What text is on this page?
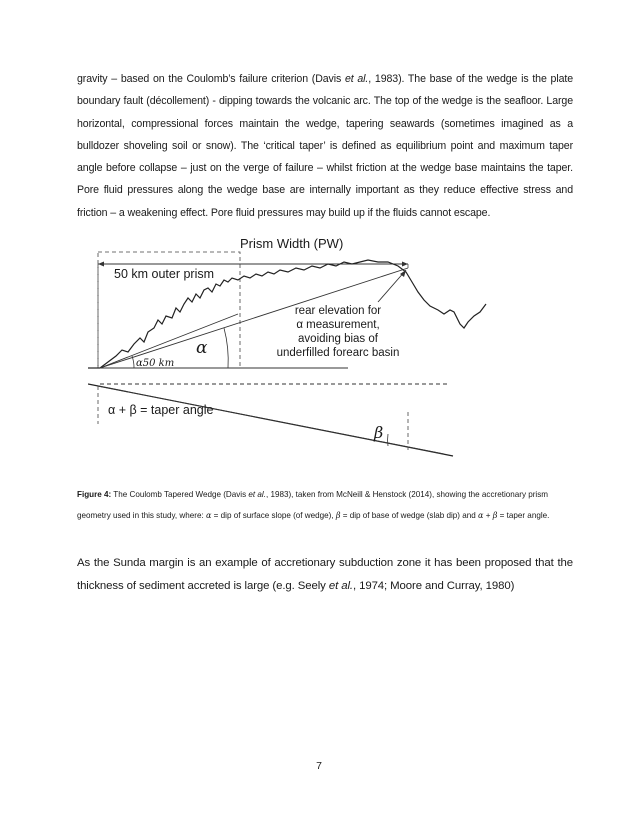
gravity – based on the Coulomb’s failure criterion (Davis et al., 1983). The base of the wedge is the plate boundary fault (décollement) - dipping towards the volcanic arc. The top of the wedge is the seafloor. Large horizontal, compressional forces maintain the wedge, tapering seawards (sometimes imagined as a bulldozer shoveling soil or snow). The ‘critical taper’ is defined as equilibrium point and maximum taper angle before collapse – just on the verge of failure – whilst friction at the wedge base maintains the taper. Pore fluid pressures along the wedge base are internally important as they reduce effective stress and friction – a weakening effect. Pore fluid pressures may build up if the fluids cannot escape.

Prism Width (PW)
50 km outer prism
α
α50 km
rear elevation for
α measurement,
avoiding bias of
underfilled forearc basin
α + β = taper angle
β

Figure 4: The Coulomb Tapered Wedge (Davis et al., 1983), taken from McNeill & Henstock (2014), showing the accretionary prism geometry used in this study, where: α = dip of surface slope (of wedge), β = dip of base of wedge (slab dip) and α + β = taper angle.

As the Sunda margin is an example of accretionary subduction zone it has been proposed that the thickness of sediment accreted is large (e.g. Seely et al., 1974; Moore and Curray, 1980)

7
